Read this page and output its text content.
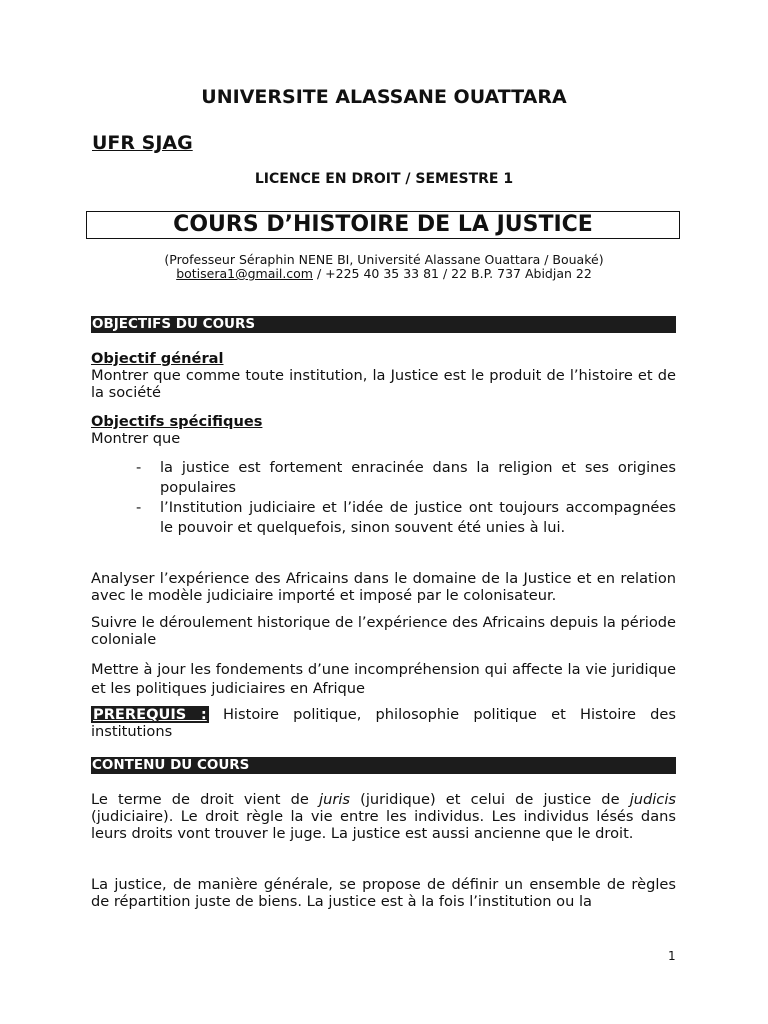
UNIVERSITE ALASSANE OUATTARA
UFR SJAG
LICENCE EN DROIT / SEMESTRE 1
COURS D’HISTOIRE DE LA JUSTICE
(Professeur Séraphin NENE BI, Université Alassane Ouattara / Bouaké)
botisera1@gmail.com / +225 40 35 33 81 / 22 B.P. 737 Abidjan 22
OBJECTIFS DU COURS
Objectif général
Montrer que comme toute institution, la Justice est le produit de l’histoire et de la société
Objectifs spécifiques
Montrer que
- la justice est fortement enracinée dans la religion et ses origines populaires
- l’Institution judiciaire et l’idée de justice ont toujours accompagnées le pouvoir et quelquefois, sinon souvent été unies à lui.
Analyser l’expérience des Africains dans le domaine de la Justice et en relation avec le modèle judiciaire importé et imposé par le colonisateur.
Suivre le déroulement historique de l’expérience des Africains depuis la période coloniale
Mettre à jour les fondements d’une incompréhension qui affecte la vie juridique et les politiques judiciaires en Afrique
PREREQUIS : Histoire politique, philosophie politique et Histoire des institutions
CONTENU DU COURS
Le terme de droit vient de juris (juridique) et celui de justice de judicis (judiciaire). Le droit règle la vie entre les individus. Les individus lésés dans leurs droits vont trouver le juge. La justice est aussi ancienne que le droit.
La justice, de manière générale, se propose de définir un ensemble de règles de répartition juste de biens. La justice est à la fois l’institution ou la
1
